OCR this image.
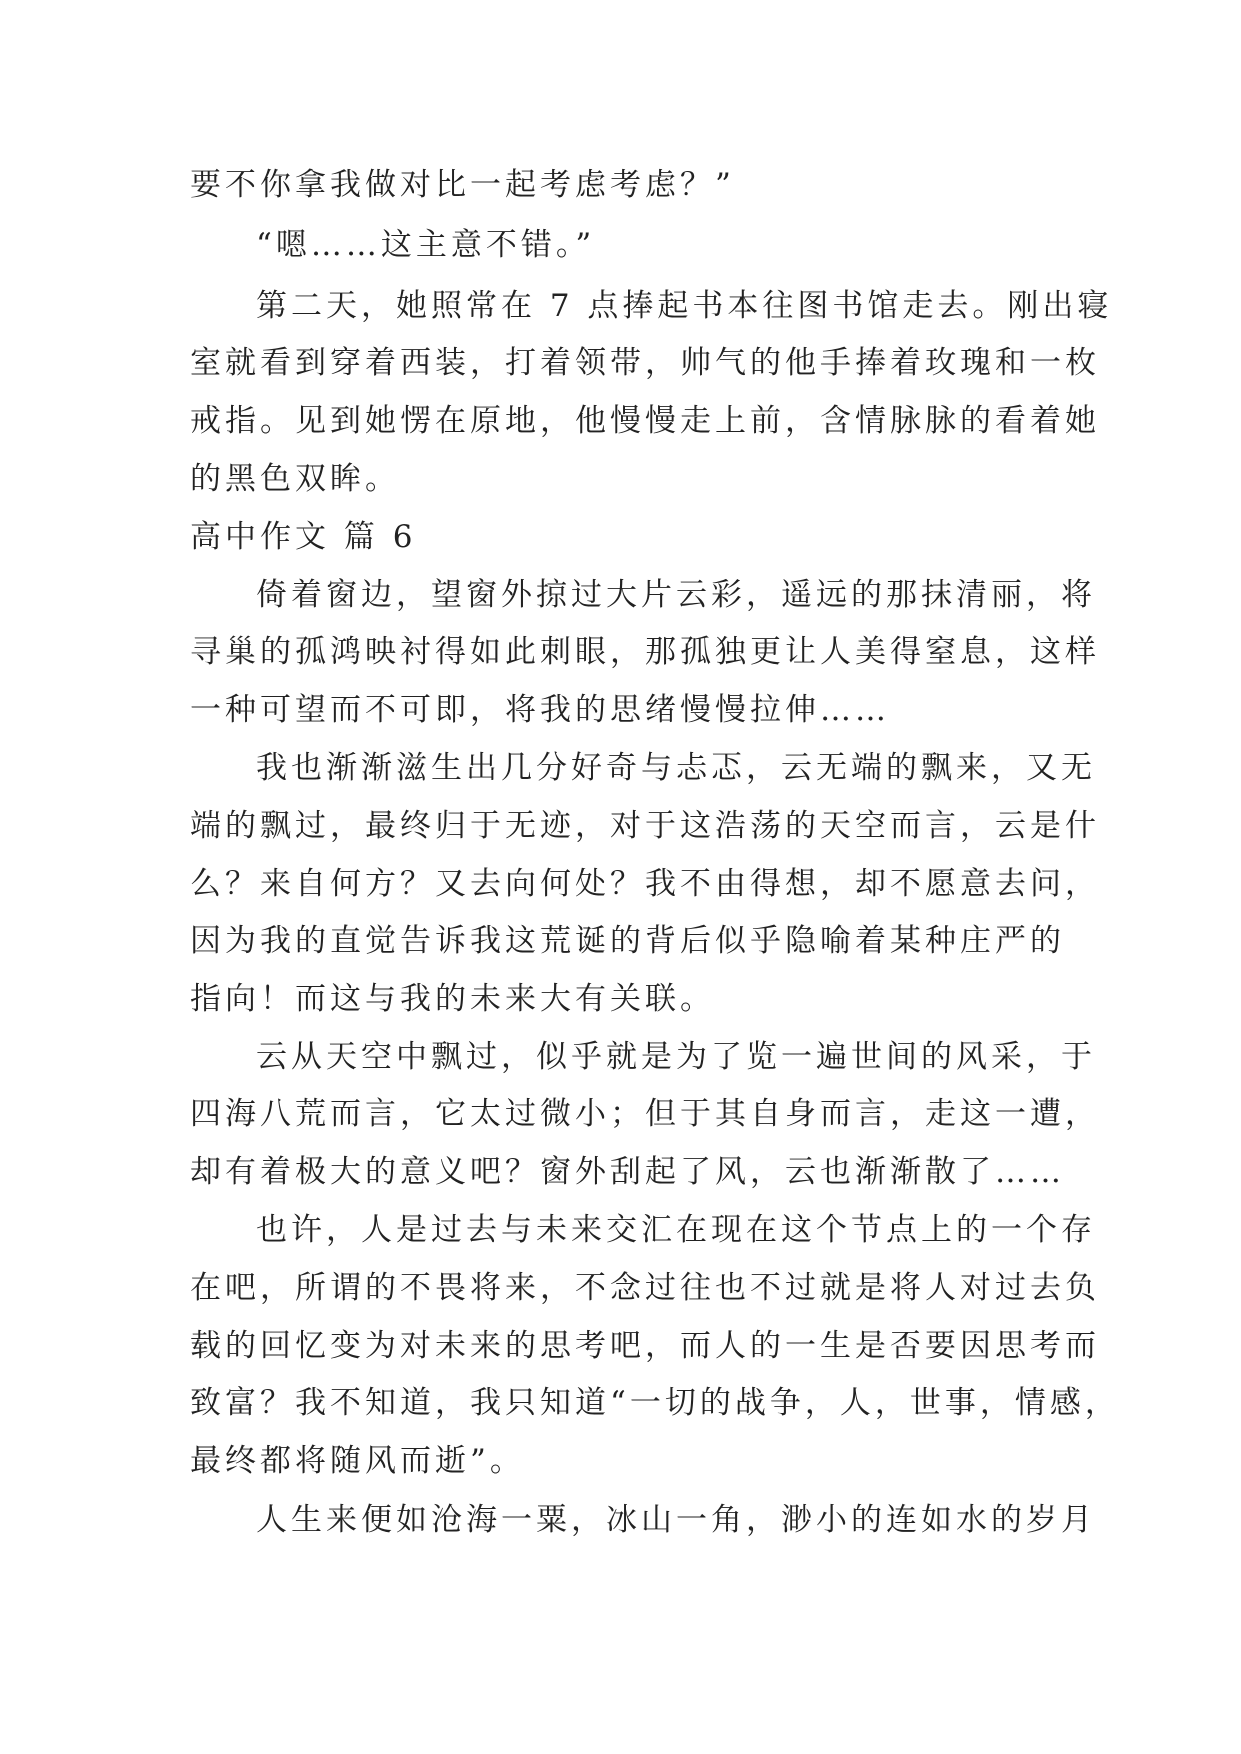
要不你拿我做对比一起考虑考虑？”
“嗯……这主意不错。”
第二天，她照常在 7 点捧起书本往图书馆走去。刚出寝
室就看到穿着西装，打着领带，帅气的他手捧着玫瑰和一枚
戒指。见到她愣在原地，他慢慢走上前，含情脉脉的看着她
的黑色双眸。
高中作文 篇 6
倚着窗边，望窗外掠过大片云彩，遥远的那抹清丽，将
寻巢的孤鸿映衬得如此刺眼，那孤独更让人美得窒息，这样
一种可望而不可即，将我的思绪慢慢拉伸……
我也渐渐滋生出几分好奇与忐忑，云无端的飘来，又无
端的飘过，最终归于无迹，对于这浩荡的天空而言，云是什
么？来自何方？又去向何处？我不由得想，却不愿意去问，
因为我的直觉告诉我这荒诞的背后似乎隐喻着某种庄严的
指向！而这与我的未来大有关联。
云从天空中飘过，似乎就是为了览一遍世间的风采，于
四海八荒而言，它太过微小；但于其自身而言，走这一遭，
却有着极大的意义吧？窗外刮起了风，云也渐渐散了……
也许，人是过去与未来交汇在现在这个节点上的一个存
在吧，所谓的不畏将来，不念过往也不过就是将人对过去负
载的回忆变为对未来的思考吧，而人的一生是否要因思考而
致富？我不知道，我只知道“一切的战争，人，世事，情感，
最终都将随风而逝”。
人生来便如沧海一粟，冰山一角，渺小的连如水的岁月
